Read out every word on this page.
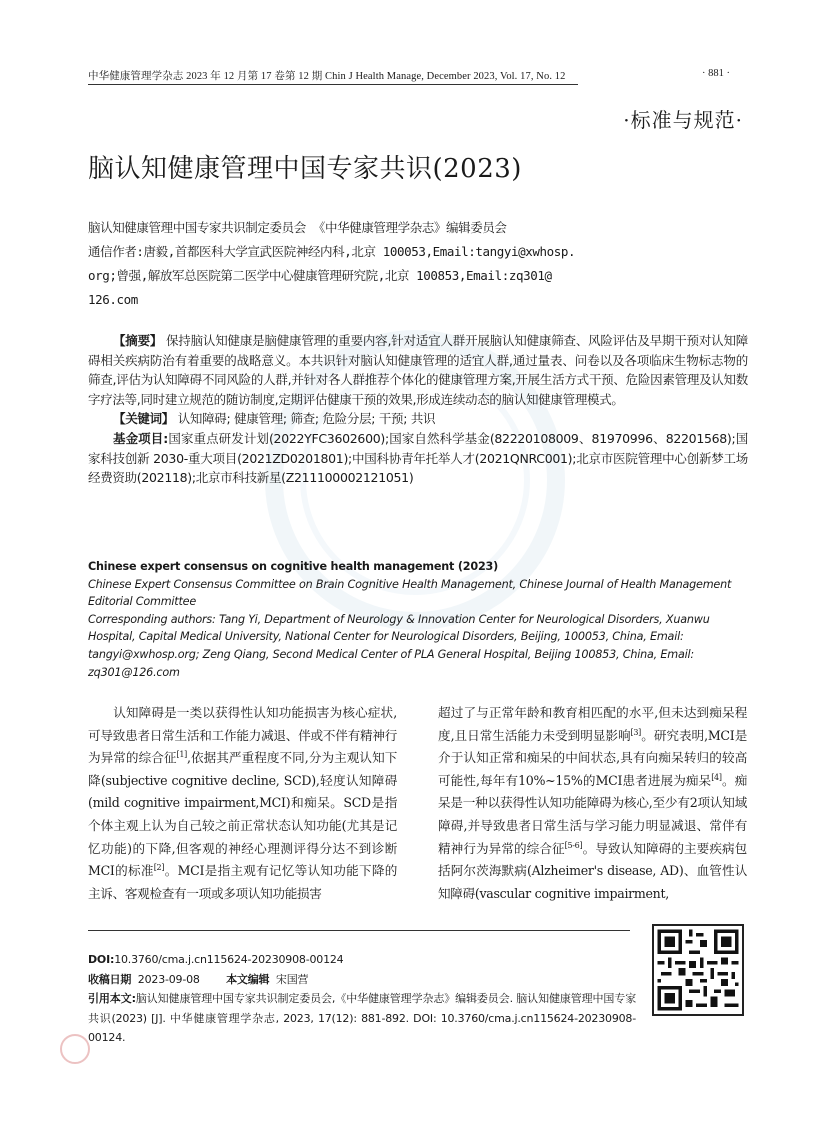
中华健康管理学杂志 2023 年 12 月第 17 卷第 12 期 Chin J Health Manage, December 2023, Vol. 17, No. 12	· 881 ·
·标准与规范·
脑认知健康管理中国专家共识(2023)
脑认知健康管理中国专家共识制定委员会 《中华健康管理学杂志》编辑委员会
通信作者:唐毅,首都医科大学宣武医院神经内科,北京 100053,Email:tangyi@xwhosp.
org;曾强,解放军总医院第二医学中心健康管理研究院,北京 100853,Email:zq301@
126.com

【摘要】 保持脑认知健康是脑健康管理的重要内容,针对适宜人群开展脑认知健康筛查、风险评估及早期干预对认知障碍相关疾病防治有着重要的战略意义。本共识针对脑认知健康管理的适宜人群,通过量表、问卷以及各项临床生物标志物的筛查,评估为认知障碍不同风险的人群,并针对各人群推荐个体化的健康管理方案,开展生活方式干预、危险因素管理及认知数字疗法等,同时建立规范的随访制度,定期评估健康干预的效果,形成连续动态的脑认知健康管理模式。

【关键词】 认知障碍; 健康管理; 筛查; 危险分层; 干预; 共识

基金项目:国家重点研发计划(2022YFC3602600);国家自然科学基金(82220108009、81970996、82201568);国家科技创新 2030-重大项目(2021ZD0201801);中国科协青年托举人才(2021QNRC001);北京市医院管理中心创新梦工场经费资助(202118);北京市科技新星(Z211100002121051)

Chinese expert consensus on cognitive health management (2023)
Chinese Expert Consensus Committee on Brain Cognitive Health Management, Chinese Journal of Health Management Editorial Committee
Corresponding authors: Tang Yi, Department of Neurology & Innovation Center for Neurological Disorders, Xuanwu Hospital, Capital Medical University, National Center for Neurological Disorders, Beijing, 100053, China, Email: tangyi@xwhosp.org; Zeng Qiang, Second Medical Center of PLA General Hospital, Beijing 100853, China, Email: zq301@126.com

认知障碍是一类以获得性认知功能损害为核心症状,可导致患者日常生活和工作能力减退、伴或不伴有精神行为异常的综合征[1],依据其严重程度不同,分为主观认知下降(subjective cognitive decline, SCD),轻度认知障碍(mild cognitive impairment,MCI)和痴呆。SCD是指个体主观上认为自己较之前正常状态认知功能(尤其是记忆功能)的下降,但客观的神经心理测评得分达不到诊断MCI的标准[2]。MCI是指主观有记忆等认知功能下降的主诉、客观检查有一项或多项认知功能损害

超过了与正常年龄和教育相匹配的水平,但未达到痴呆程度,且日常生活能力未受到明显影响[3]。研究表明,MCI是介于认知正常和痴呆的中间状态,具有向痴呆转归的较高可能性,每年有10%~15%的MCI患者进展为痴呆[4]。痴呆是一种以获得性认知功能障碍为核心,至少有2项认知域障碍,并导致患者日常生活与学习能力明显减退、常伴有精神行为异常的综合征[5-6]。导致认知障碍的主要疾病包括阿尔茨海默病(Alzheimer's disease, AD)、血管性认知障碍(vascular cognitive impairment,

DOI:10.3760/cma.j.cn115624-20230908-00124
收稿日期 2023-09-08 本文编辑 宋国营
引用本文:脑认知健康管理中国专家共识制定委员会,《中华健康管理学杂志》编辑委员会. 脑认知健康管理中国专家共识(2023) [J]. 中华健康管理学杂志, 2023, 17(12): 881-892. DOI: 10.3760/cma.j.cn115624-20230908-00124.
